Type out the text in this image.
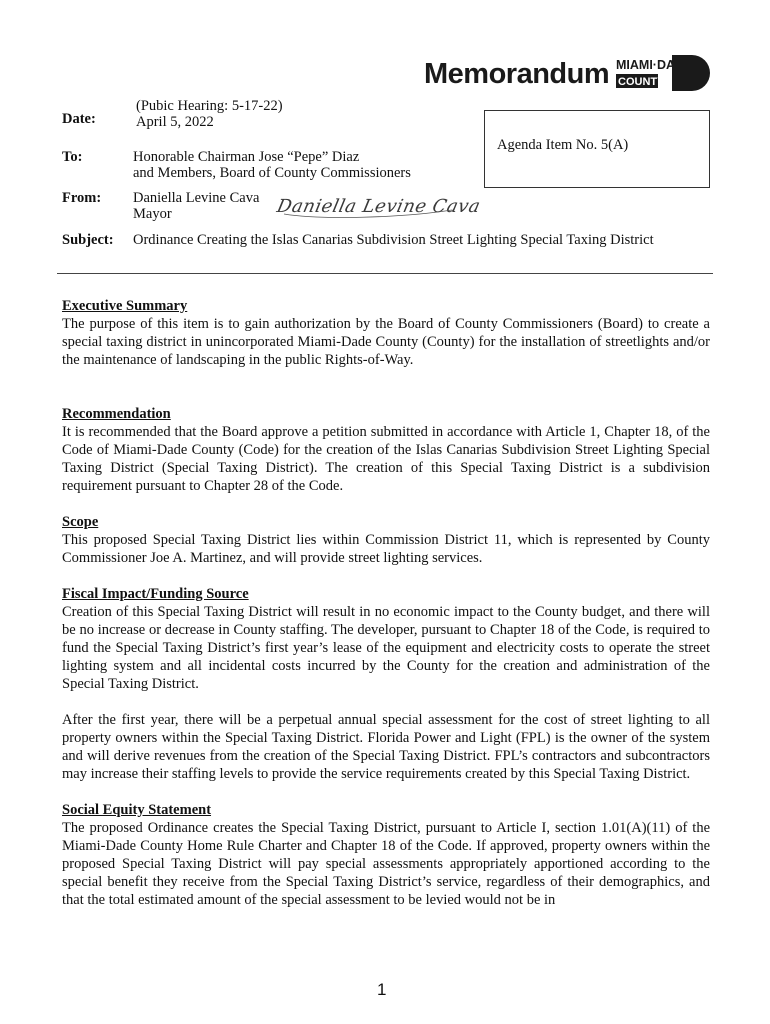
Memorandum MIAMI·DADE
COUNTY
Date:
(Pubic Hearing: 5-17-22)
April 5, 2022
To:	Honorable Chairman Jose “Pepe” Diaz
and Members, Board of County Commissioners
From: Daniella Levine Cava
Mayor	Daniella Levine Cava
Subject: Ordinance Creating the Islas Canarias Subdivision Street Lighting Special Taxing District
Agenda Item No. 5(A)
Executive Summary

The purpose of this item is to gain authorization by the Board of County Commissioners (Board) to create a special taxing district in unincorporated Miami-Dade County (County) for the installation of streetlights and/or the maintenance of landscaping in the public Rights-of-Way.

Recommendation

It is recommended that the Board approve a petition submitted in accordance with Article 1, Chapter 18, of the Code of Miami-Dade County (Code) for the creation of the Islas Canarias Subdivision Street Lighting Special Taxing District (Special Taxing District). The creation of this Special Taxing District is a subdivision requirement pursuant to Chapter 28 of the Code.

Scope

This proposed Special Taxing District lies within Commission District 11, which is represented by County Commissioner Joe A. Martinez, and will provide street lighting services.

Fiscal Impact/Funding Source

Creation of this Special Taxing District will result in no economic impact to the County budget, and there will be no increase or decrease in County staffing. The developer, pursuant to Chapter 18 of the Code, is required to fund the Special Taxing District’s first year’s lease of the equipment and electricity costs to operate the street lighting system and all incidental costs incurred by the County for the creation and administration of the Special Taxing District.

After the first year, there will be a perpetual annual special assessment for the cost of street lighting to all property owners within the Special Taxing District. Florida Power and Light (FPL) is the owner of the system and will derive revenues from the creation of the Special Taxing District. FPL’s contractors and subcontractors may increase their staffing levels to provide the service requirements created by this Special Taxing District.

Social Equity Statement

The proposed Ordinance creates the Special Taxing District, pursuant to Article I, section 1.01(A)(11) of the Miami-Dade County Home Rule Charter and Chapter 18 of the Code. If approved, property owners within the proposed Special Taxing District will pay special assessments appropriately apportioned according to the special benefit they receive from the Special Taxing District’s service, regardless of their demographics, and that the total estimated amount of the special assessment to be levied would not be in

1
